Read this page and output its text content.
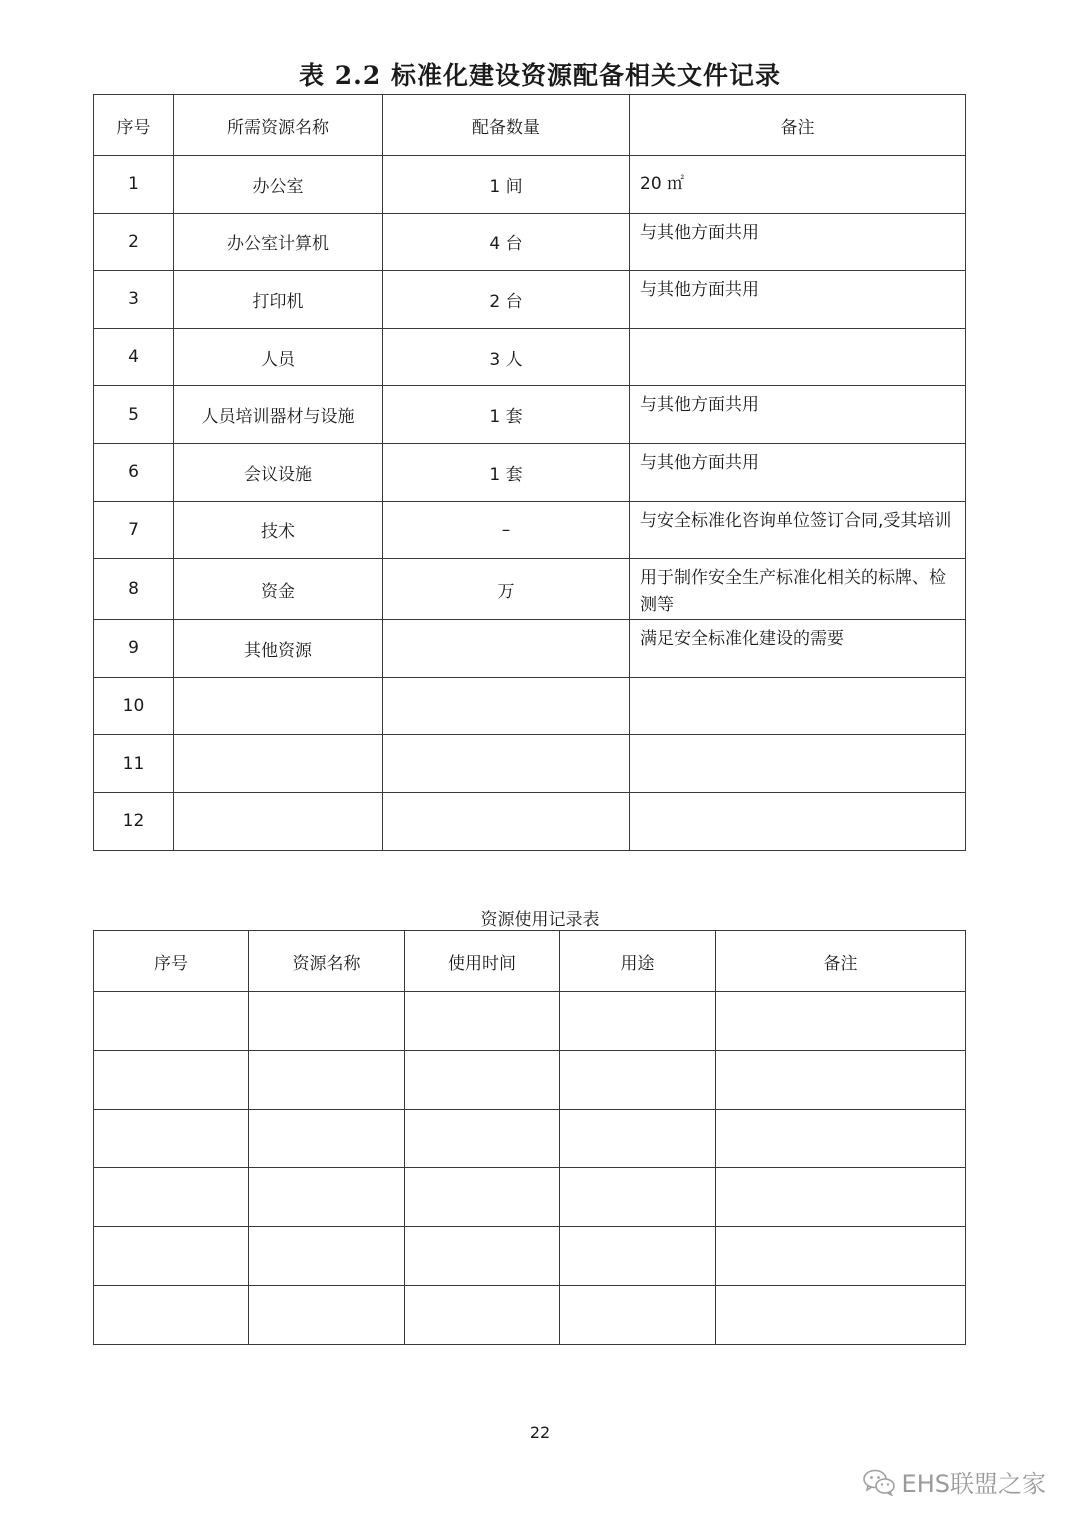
表 2.2 标准化建设资源配备相关文件记录
序号	所需资源名称	配备数量	备注
1	办公室	1 间	20 ㎡
2	办公室计算机	4 台	与其他方面共用
3	打印机	2 台	与其他方面共用
4	人员	3 人	
5	人员培训器材与设施	1 套	与其他方面共用
6	会议设施	1 套	与其他方面共用
7	技术	–	与安全标准化咨询单位签订合同,受其培训
8	资金	万	用于制作安全生产标准化相关的标牌、检测等
9	其他资源		满足安全标准化建设的需要
10			
11			
12			
资源使用记录表
序号	资源名称	使用时间	用途	备注

22
EHS联盟之家
